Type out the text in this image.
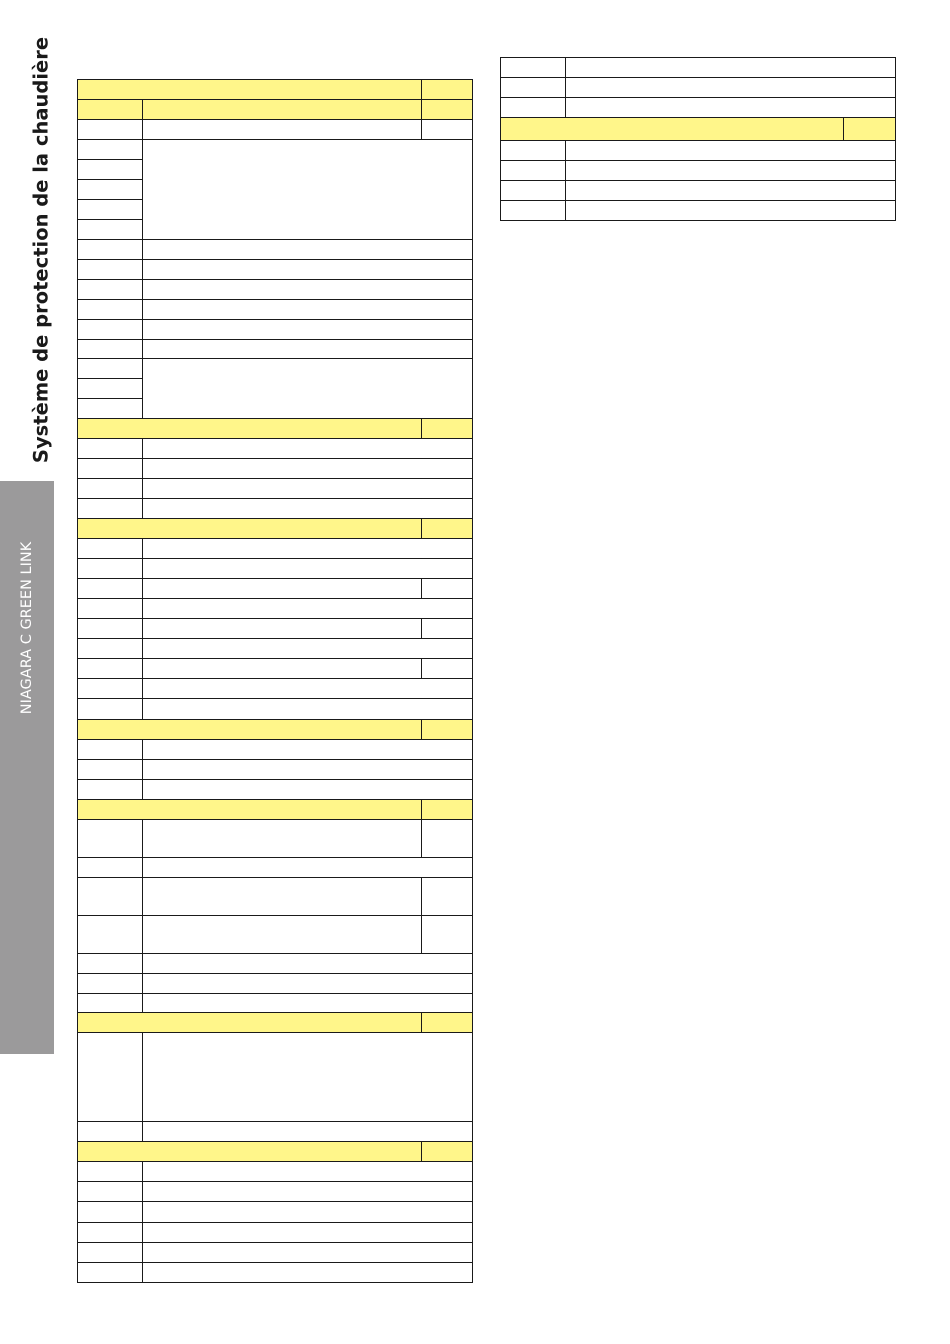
Système de protection de la chaudière
NIAGARA C GREEN LINK
